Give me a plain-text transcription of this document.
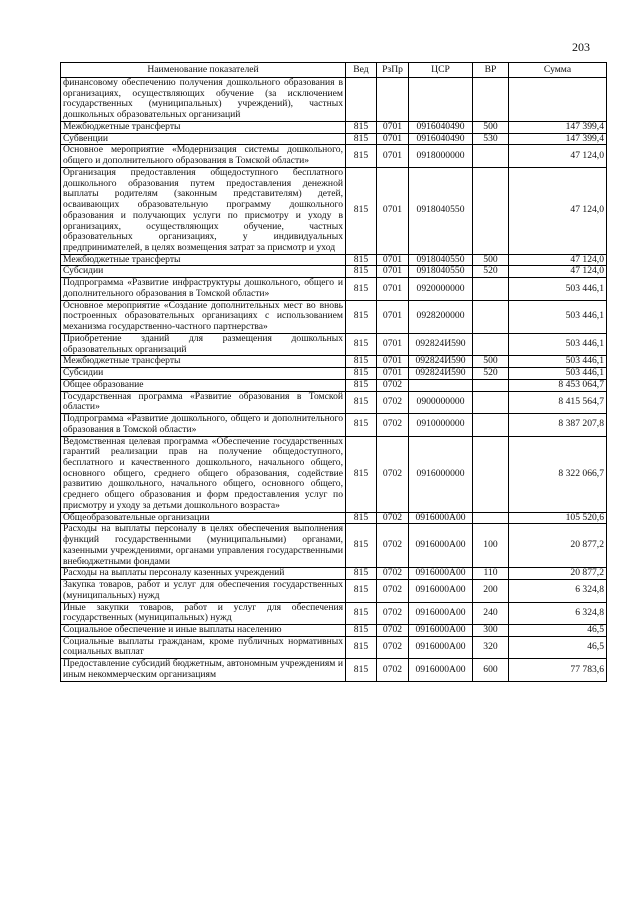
203
Наименование показателей	Вед	РзПр	ЦСР	ВР	Сумма
финансовому обеспечению получения дошкольного образования в организациях, осуществляющих обучение (за исключением государственных (муниципальных) учреждений), частных дошкольных образовательных организаций					
Межбюджетные трансферты	815	0701	0916040490	500	147 399,4
Субвенции	815	0701	0916040490	530	147 399,4
Основное мероприятие «Модернизация системы дошкольного, общего и дополнительного образования в Томской области»	815	0701	0918000000		47 124,0
Организация предоставления общедоступного бесплатного дошкольного образования путем предоставления денежной выплаты родителям (законным представителям) детей, осваивающих образовательную программу дошкольного образования и получающих услуги по присмотру и уходу в организациях, осуществляющих обучение, частных образовательных организациях, у индивидуальных предпринимателей, в целях возмещения затрат за присмотр и уход	815	0701	0918040550		47 124,0
Межбюджетные трансферты	815	0701	0918040550	500	47 124,0
Субсидии	815	0701	0918040550	520	47 124,0
Подпрограмма «Развитие инфраструктуры дошкольного, общего и дополнительного образования в Томской области»	815	0701	0920000000		503 446,1
Основное мероприятие «Создание дополнительных мест во вновь построенных образовательных организациях с использованием механизма государственно-частного партнерства»	815	0701	0928200000		503 446,1
Приобретение зданий для размещения дошкольных образовательных организаций	815	0701	092824И590		503 446,1
Межбюджетные трансферты	815	0701	092824И590	500	503 446,1
Субсидии	815	0701	092824И590	520	503 446,1
Общее образование	815	0702			8 453 064,7
Государственная программа «Развитие образования в Томской области»	815	0702	0900000000		8 415 564,7
Подпрограмма «Развитие дошкольного, общего и дополнительного образования в Томской области»	815	0702	0910000000		8 387 207,8
Ведомственная целевая программа «Обеспечение государственных гарантий реализации прав на получение общедоступного, бесплатного и качественного дошкольного, начального общего, основного общего, среднего общего образования, содействие развитию дошкольного, начального общего, основного общего, среднего общего образования и форм предоставления услуг по присмотру и уходу за детьми дошкольного возраста»	815	0702	0916000000		8 322 066,7
Общеобразовательные организации	815	0702	0916000А00		105 520,6
Расходы на выплаты персоналу в целях обеспечения выполнения функций государственными (муниципальными) органами, казенными учреждениями, органами управления государственными внебюджетными фондами	815	0702	0916000А00	100	20 877,2
Расходы на выплаты персоналу казенных учреждений	815	0702	0916000А00	110	20 877,2
Закупка товаров, работ и услуг для обеспечения государственных (муниципальных) нужд	815	0702	0916000А00	200	6 324,8
Иные закупки товаров, работ и услуг для обеспечения государственных (муниципальных) нужд	815	0702	0916000А00	240	6 324,8
Социальное обеспечение и иные выплаты населению	815	0702	0916000А00	300	46,5
Социальные выплаты гражданам, кроме публичных нормативных социальных выплат	815	0702	0916000А00	320	46,5
Предоставление субсидий бюджетным, автономным учреждениям и иным некоммерческим организациям	815	0702	0916000А00	600	77 783,6
